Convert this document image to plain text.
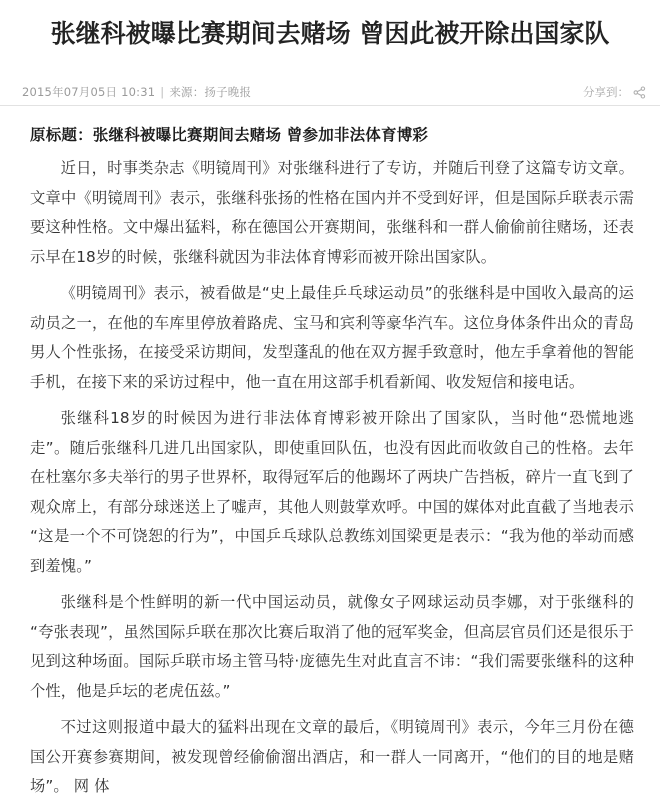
张继科被曝比赛期间去赌场 曾因此被开除出国家队
2015年07月05日 10:31 | 来源：扬子晚报	分享到：

原标题：张继科被曝比赛期间去赌场 曾参加非法体育博彩

近日，时事类杂志《明镜周刊》对张继科进行了专访，并随后刊登了这篇专访文章。文章中《明镜周刊》表示，张继科张扬的性格在国内并不受到好评，但是国际乒联表示需要这种性格。文中爆出猛料，称在德国公开赛期间，张继科和一群人偷偷前往赌场，还表示早在18岁的时候，张继科就因为非法体育博彩而被开除出国家队。

《明镜周刊》表示，被看做是“史上最佳乒乓球运动员”的张继科是中国收入最高的运动员之一，在他的车库里停放着路虎、宝马和宾利等豪华汽车。这位身体条件出众的青岛男人个性张扬，在接受采访期间，发型蓬乱的他在双方握手致意时，他左手拿着他的智能手机，在接下来的采访过程中，他一直在用这部手机看新闻、收发短信和接电话。

张继科18岁的时候因为进行非法体育博彩被开除出了国家队，当时他“恐慌地逃走”。随后张继科几进几出国家队，即使重回队伍，也没有因此而收敛自己的性格。去年在杜塞尔多夫举行的男子世界杯，取得冠军后的他踢坏了两块广告挡板，碎片一直飞到了观众席上，有部分球迷送上了嘘声，其他人则鼓掌欢呼。中国的媒体对此直截了当地表示“这是一个不可饶恕的行为”，中国乒乓球队总教练刘国梁更是表示：“我为他的举动而感到羞愧。”

张继科是个性鲜明的新一代中国运动员，就像女子网球运动员李娜，对于张继科的“夸张表现”，虽然国际乒联在那次比赛后取消了他的冠军奖金，但高层官员们还是很乐于见到这种场面。国际乒联市场主管马特·庞德先生对此直言不讳：“我们需要张继科的这种个性，他是乒坛的老虎伍兹。”

不过这则报道中最大的猛料出现在文章的最后，《明镜周刊》表示，今年三月份在德国公开赛参赛期间，被发现曾经偷偷溜出酒店，和一群人一同离开，“他们的目的地是赌场”。 网 体
